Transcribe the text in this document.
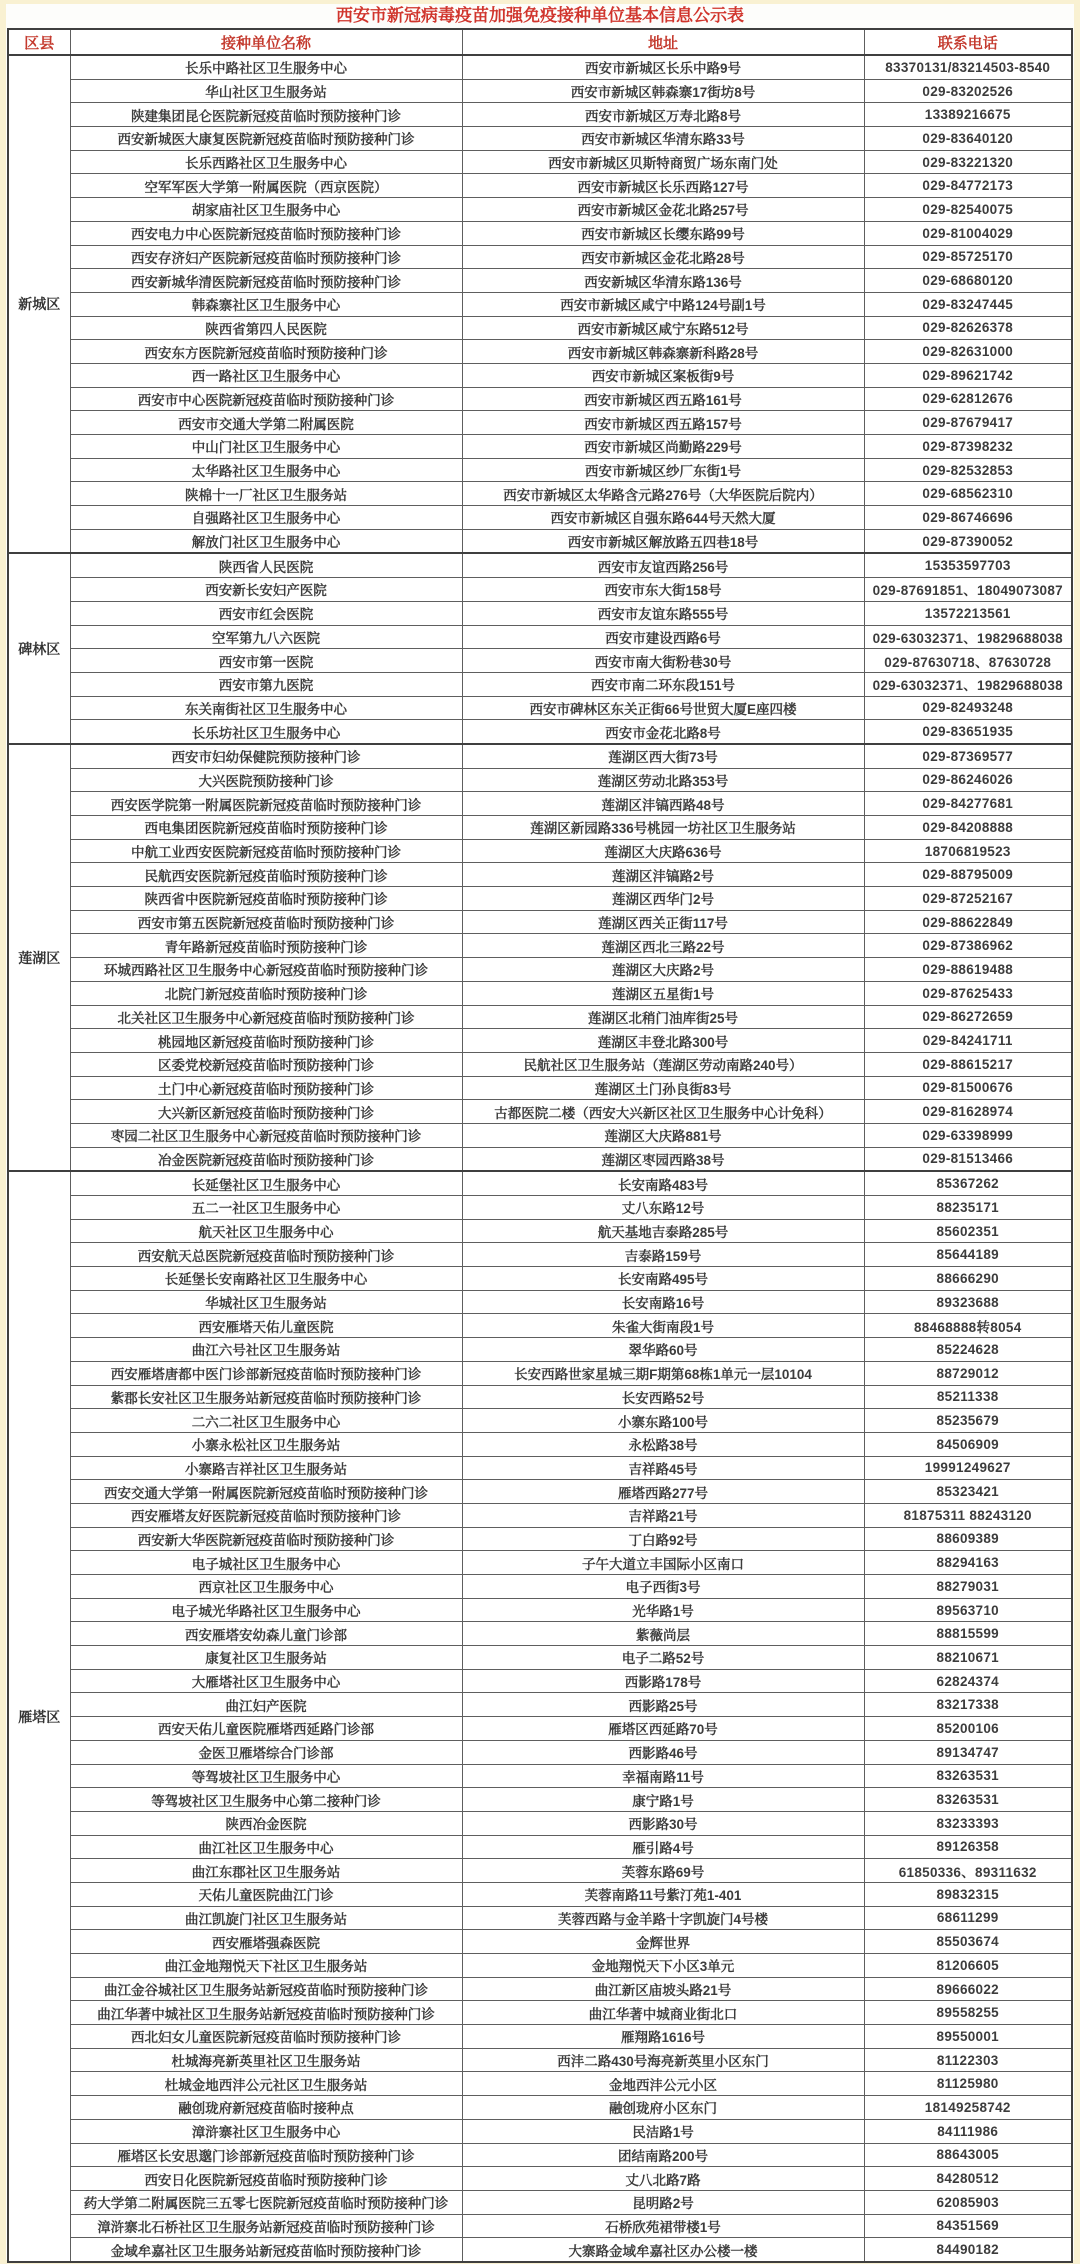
西安市新冠病毒疫苗加强免疫接种单位基本信息公示表
区县	接种单位名称	地址	联系电话
新城区	长乐中路社区卫生服务中心	西安市新城区长乐中路9号	83370131/83214503-8540
	华山社区卫生服务站	西安市新城区韩森寨17街坊8号	029-83202526
	陕建集团昆仑医院新冠疫苗临时预防接种门诊	西安市新城区万寿北路8号	13389216675
	西安新城医大康复医院新冠疫苗临时预防接种门诊	西安市新城区华清东路33号	029-83640120
	长乐西路社区卫生服务中心	西安市新城区贝斯特商贸广场东南门处	029-83221320
	空军军医大学第一附属医院（西京医院）	西安市新城区长乐西路127号	029-84772173
	胡家庙社区卫生服务中心	西安市新城区金花北路257号	029-82540075
	西安电力中心医院新冠疫苗临时预防接种门诊	西安市新城区长缨东路99号	029-81004029
	西安存济妇产医院新冠疫苗临时预防接种门诊	西安市新城区金花北路28号	029-85725170
	西安新城华清医院新冠疫苗临时预防接种门诊	西安新城区华清东路136号	029-68680120
	韩森寨社区卫生服务中心	西安市新城区咸宁中路124号副1号	029-83247445
	陕西省第四人民医院	西安市新城区咸宁东路512号	029-82626378
	西安东方医院新冠疫苗临时预防接种门诊	西安市新城区韩森寨新科路28号	029-82631000
	西一路社区卫生服务中心	西安市新城区案板街9号	029-89621742
	西安市中心医院新冠疫苗临时预防接种门诊	西安市新城区西五路161号	029-62812676
	西安市交通大学第二附属医院	西安市新城区西五路157号	029-87679417
	中山门社区卫生服务中心	西安市新城区尚勤路229号	029-87398232
	太华路社区卫生服务中心	西安市新城区纱厂东街1号	029-82532853
	陕棉十一厂社区卫生服务站	西安市新城区太华路含元路276号（大华医院后院内）	029-68562310
	自强路社区卫生服务中心	西安市新城区自强东路644号天然大厦	029-86746696
	解放门社区卫生服务中心	西安市新城区解放路五四巷18号	029-87390052
碑林区	陕西省人民医院	西安市友谊西路256号	15353597703
	西安新长安妇产医院	西安市东大街158号	029-87691851、18049073087
	西安市红会医院	西安市友谊东路555号	13572213561
	空军第九八六医院	西安市建设西路6号	029-63032371、19829688038
	西安市第一医院	西安市南大街粉巷30号	029-87630718、87630728
	西安市第九医院	西安市南二环东段151号	029-63032371、19829688038
	东关南街社区卫生服务中心	西安市碑林区东关正街66号世贸大厦E座四楼	029-82493248
	长乐坊社区卫生服务中心	西安市金花北路8号	029-83651935
莲湖区	西安市妇幼保健院预防接种门诊	莲湖区西大街73号	029-87369577
	大兴医院预防接种门诊	莲湖区劳动北路353号	029-86246026
	西安医学院第一附属医院新冠疫苗临时预防接种门诊	莲湖区沣镐西路48号	029-84277681
	西电集团医院新冠疫苗临时预防接种门诊	莲湖区新园路336号桃园一坊社区卫生服务站	029-84208888
	中航工业西安医院新冠疫苗临时预防接种门诊	莲湖区大庆路636号	18706819523
	民航西安医院新冠疫苗临时预防接种门诊	莲湖区沣镐路2号	029-88795009
	陕西省中医院新冠疫苗临时预防接种门诊	莲湖区西华门2号	029-87252167
	西安市第五医院新冠疫苗临时预防接种门诊	莲湖区西关正街117号	029-88622849
	青年路新冠疫苗临时预防接种门诊	莲湖区西北三路22号	029-87386962
	环城西路社区卫生服务中心新冠疫苗临时预防接种门诊	莲湖区大庆路2号	029-88619488
	北院门新冠疫苗临时预防接种门诊	莲湖区五星街1号	029-87625433
	北关社区卫生服务中心新冠疫苗临时预防接种门诊	莲湖区北稍门油库街25号	029-86272659
	桃园地区新冠疫苗临时预防接种门诊	莲湖区丰登北路300号	029-84241711
	区委党校新冠疫苗临时预防接种门诊	民航社区卫生服务站（莲湖区劳动南路240号）	029-88615217
	土门中心新冠疫苗临时预防接种门诊	莲湖区土门孙良街83号	029-81500676
	大兴新区新冠疫苗临时预防接种门诊	古都医院二楼（西安大兴新区社区卫生服务中心计免科）	029-81628974
	枣园二社区卫生服务中心新冠疫苗临时预防接种门诊	莲湖区大庆路881号	029-63398999
	冶金医院新冠疫苗临时预防接种门诊	莲湖区枣园西路38号	029-81513466
雁塔区	长延堡社区卫生服务中心	长安南路483号	85367262
	五二一社区卫生服务中心	丈八东路12号	88235171
	航天社区卫生服务中心	航天基地吉泰路285号	85602351
	西安航天总医院新冠疫苗临时预防接种门诊	吉泰路159号	85644189
	长延堡长安南路社区卫生服务中心	长安南路495号	88666290
	华城社区卫生服务站	长安南路16号	89323688
	西安雁塔天佑儿童医院	朱雀大街南段1号	88468888转8054
	曲江六号社区卫生服务站	翠华路60号	85224628
	西安雁塔唐都中医门诊部新冠疫苗临时预防接种门诊	长安西路世家星城三期F期第68栋1单元一层10104	88729012
	紫郡长安社区卫生服务站新冠疫苗临时预防接种门诊	长安西路52号	85211338
	二六二社区卫生服务中心	小寨东路100号	85235679
	小寨永松社区卫生服务站	永松路38号	84506909
	小寨路吉祥社区卫生服务站	吉祥路45号	19991249627
	西安交通大学第一附属医院新冠疫苗临时预防接种门诊	雁塔西路277号	85323421
	西安雁塔友好医院新冠疫苗临时预防接种门诊	吉祥路21号	81875311 88243120
	西安新大华医院新冠疫苗临时预防接种门诊	丁白路92号	88609389
	电子城社区卫生服务中心	子午大道立丰国际小区南口	88294163
	西京社区卫生服务中心	电子西街3号	88279031
	电子城光华路社区卫生服务中心	光华路1号	89563710
	西安雁塔安幼森儿童门诊部	紫薇尚层	88815599
	康复社区卫生服务站	电子二路52号	88210671
	大雁塔社区卫生服务中心	西影路178号	62824374
	曲江妇产医院	西影路25号	83217338
	西安天佑儿童医院雁塔西延路门诊部	雁塔区西延路70号	85200106
	金医卫雁塔综合门诊部	西影路46号	89134747
	等驾坡社区卫生服务中心	幸福南路11号	83263531
	等驾坡社区卫生服务中心第二接种门诊	康宁路1号	83263531
	陕西冶金医院	西影路30号	83233393
	曲江社区卫生服务中心	雁引路4号	89126358
	曲江东郡社区卫生服务站	芙蓉东路69号	61850336、89311632
	天佑儿童医院曲江门诊	芙蓉南路11号紫汀苑1-401	89832315
	曲江凯旋门社区卫生服务站	芙蓉西路与金羊路十字凯旋门4号楼	68611299
	西安雁塔强森医院	金辉世界	85503674
	曲江金地翔悦天下社区卫生服务站	金地翔悦天下小区3单元	81206605
	曲江金谷城社区卫生服务站新冠疫苗临时预防接种门诊	曲江新区庙坡头路21号	89666022
	曲江华著中城社区卫生服务站新冠疫苗临时预防接种门诊	曲江华著中城商业街北口	89558255
	西北妇女儿童医院新冠疫苗临时预防接种门诊	雁翔路1616号	89550001
	杜城海亮新英里社区卫生服务站	西沣二路430号海亮新英里小区东门	81122303
	杜城金地西沣公元社区卫生服务站	金地西沣公元小区	81125980
	融创珑府新冠疫苗临时接种点	融创珑府小区东门	18149258742
	漳浒寨社区卫生服务中心	民洁路1号	84111986
	雁塔区长安思邈门诊部新冠疫苗临时预防接种门诊	团结南路200号	88643005
	西安日化医院新冠疫苗临时预防接种门诊	丈八北路7路	84280512
	药大学第二附属医院三五零七医院新冠疫苗临时预防接种门诊	昆明路2号	62085903
	漳浒寨北石桥社区卫生服务站新冠疫苗临时预防接种门诊	石桥欣苑裙带楼1号	84351569
	金域牟嘉社区卫生服务站新冠疫苗临时预防接种门诊	大寨路金域牟嘉社区办公楼一楼	84490182
